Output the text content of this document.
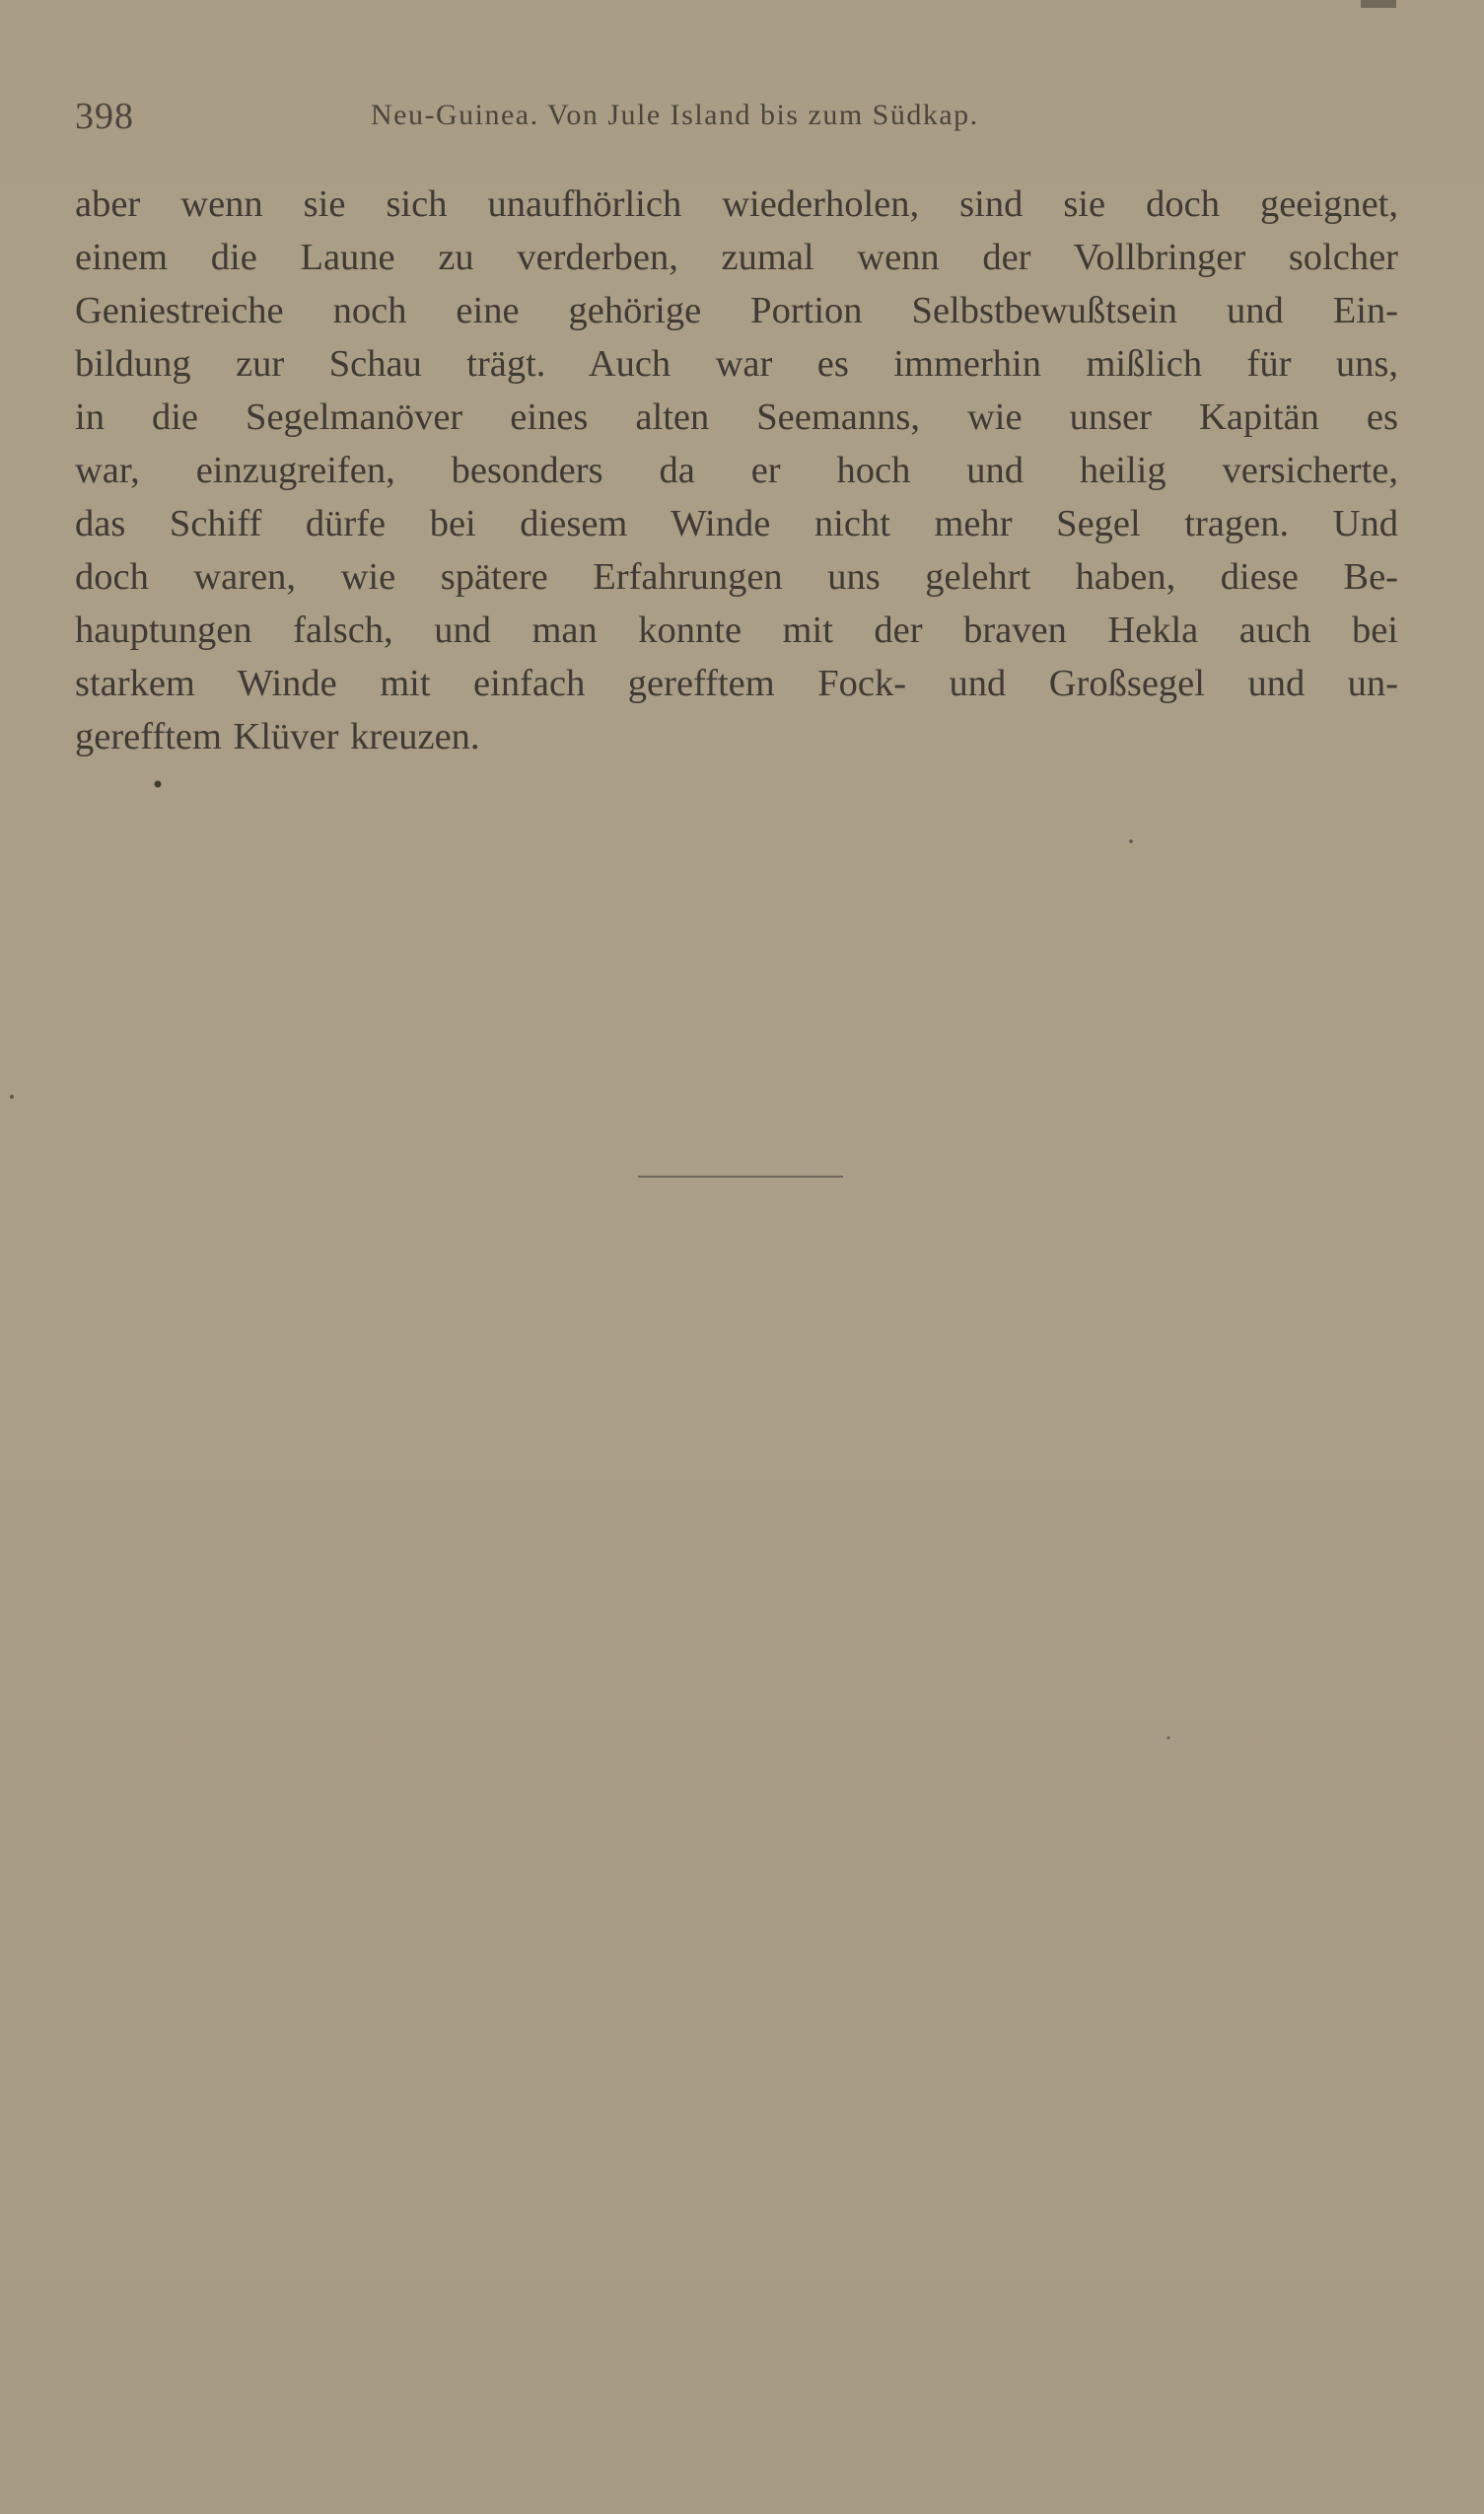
398	Neu-Guinea. Von Jule Island bis zum Südkap.
aber wenn sie sich unaufhörlich wiederholen, sind sie doch geeignet,
einem die Laune zu verderben, zumal wenn der Vollbringer solcher
Geniestreiche noch eine gehörige Portion Selbstbewußtsein und Ein-
bildung zur Schau trägt. Auch war es immerhin mißlich für uns,
in die Segelmanöver eines alten Seemanns, wie unser Kapitän es
war, einzugreifen, besonders da er hoch und heilig versicherte,
das Schiff dürfe bei diesem Winde nicht mehr Segel tragen. Und
doch waren, wie spätere Erfahrungen uns gelehrt haben, diese Be-
hauptungen falsch, und man konnte mit der braven Hekla auch bei
starkem Winde mit einfach gerefftem Fock- und Großsegel und un-
gerefftem Klüver kreuzen.
